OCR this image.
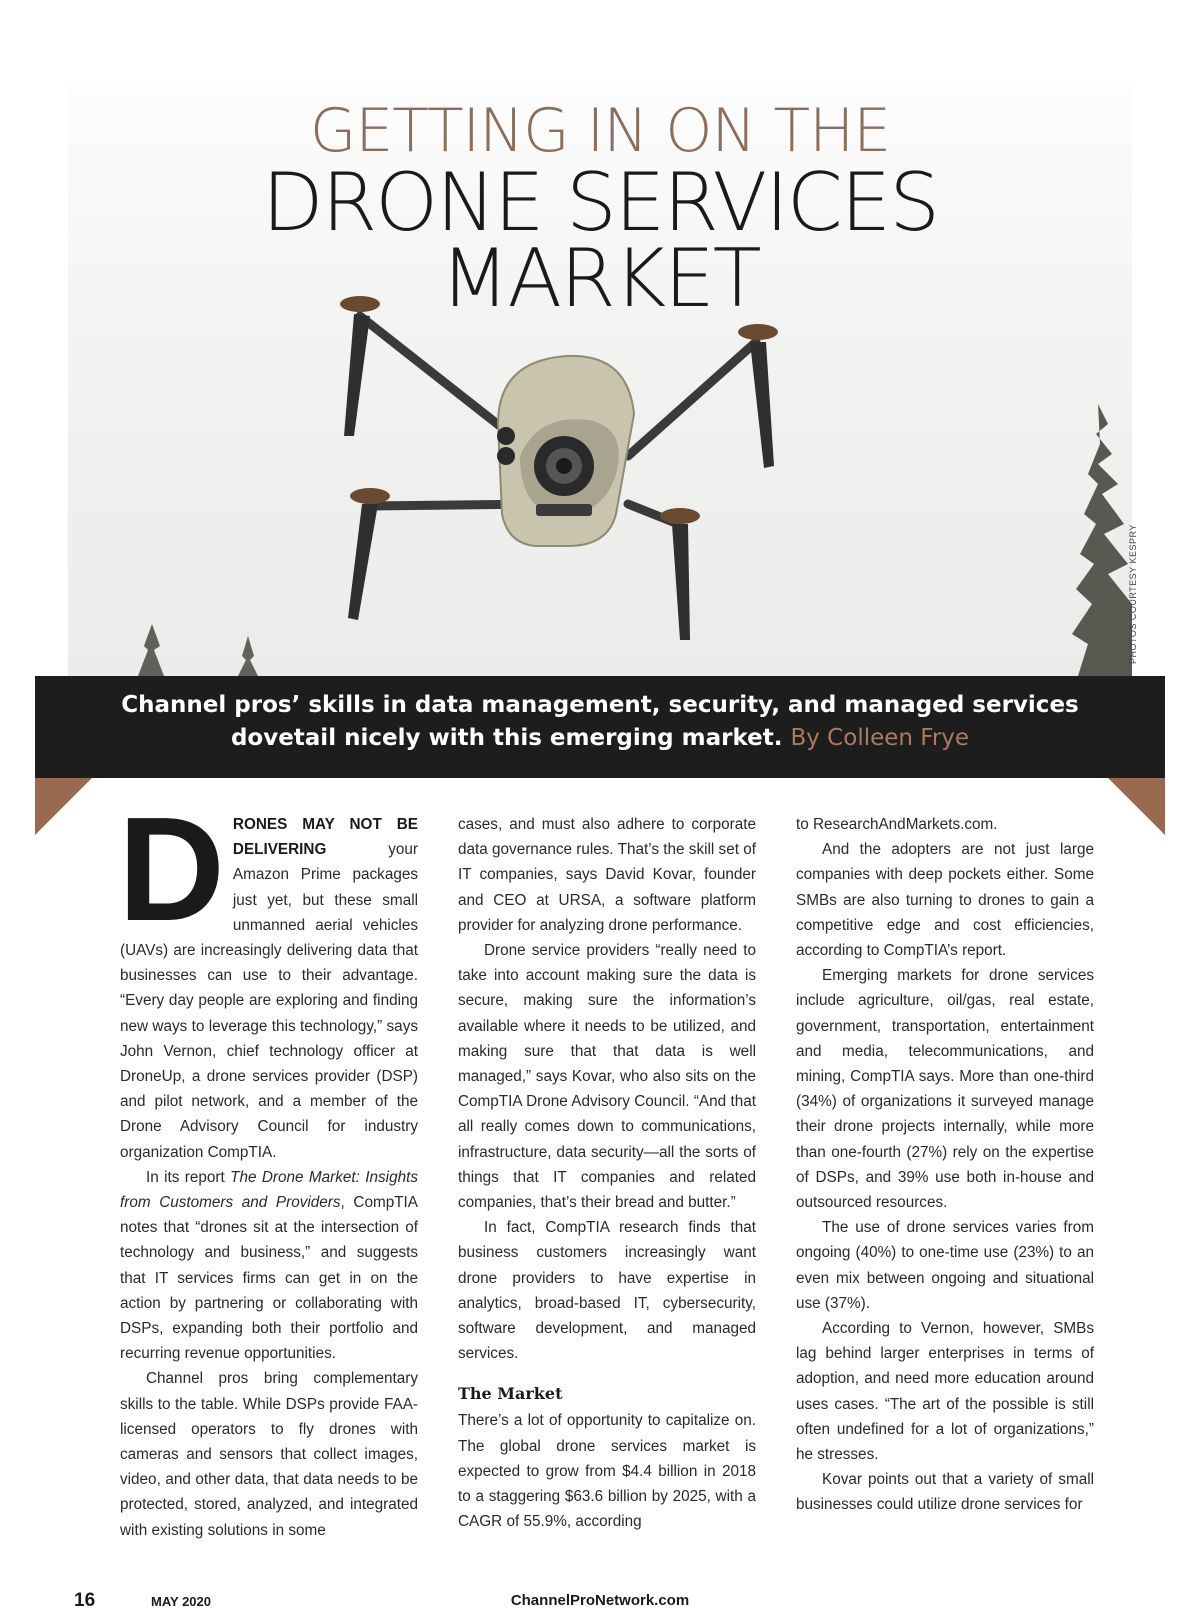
GETTING IN ON THE
DRONE SERVICES
MARKET
PHOTOS COURTESY KESPRY
Channel pros’ skills in data management, security, and managed services
dovetail nicely with this emerging market. By Colleen Frye

DRONES MAY NOT BE DELIVERING your Amazon Prime packages just yet, but these small unmanned aerial vehicles (UAVs) are increasingly delivering data that businesses can use to their advantage. “Every day people are exploring and finding new ways to leverage this technology,” says John Vernon, chief technology officer at DroneUp, a drone services provider (DSP) and pilot network, and a member of the Drone Advisory Council for industry organization CompTIA.

In its report The Drone Market: Insights from Customers and Providers, CompTIA notes that “drones sit at the intersection of technology and business,” and suggests that IT services firms can get in on the action by partnering or collaborating with DSPs, expanding both their portfolio and recurring revenue opportunities.

Channel pros bring complementary skills to the table. While DSPs provide FAA-licensed operators to fly drones with cameras and sensors that collect images, video, and other data, that data needs to be protected, stored, analyzed, and integrated with existing solutions in some

cases, and must also adhere to corporate data governance rules. That’s the skill set of IT companies, says David Kovar, founder and CEO at URSA, a software platform provider for analyzing drone performance.

Drone service providers “really need to take into account making sure the data is secure, making sure the information’s available where it needs to be utilized, and making sure that that data is well managed,” says Kovar, who also sits on the CompTIA Drone Advisory Council. “And that all really comes down to communications, infrastructure, data security—all the sorts of things that IT companies and related companies, that’s their bread and butter.”

In fact, CompTIA research finds that business customers increasingly want drone providers to have expertise in analytics, broad-based IT, cybersecurity, software development, and managed services.

The Market

There’s a lot of opportunity to capitalize on. The global drone services market is expected to grow from $4.4 billion in 2018 to a staggering $63.6 billion by 2025, with a CAGR of 55.9%, according

to ResearchAndMarkets.com.

And the adopters are not just large companies with deep pockets either. Some SMBs are also turning to drones to gain a competitive edge and cost efficiencies, according to CompTIA’s report.

Emerging markets for drone services include agriculture, oil/gas, real estate, government, transportation, entertainment and media, telecommunications, and mining, CompTIA says. More than one-third (34%) of organizations it surveyed manage their drone projects internally, while more than one-fourth (27%) rely on the expertise of DSPs, and 39% use both in-house and outsourced resources.

The use of drone services varies from ongoing (40%) to one-time use (23%) to an even mix between ongoing and situational use (37%).

According to Vernon, however, SMBs lag behind larger enterprises in terms of adoption, and need more education around uses cases. “The art of the possible is still often undefined for a lot of organizations,” he stresses.

Kovar points out that a variety of small businesses could utilize drone services for

16	MAY 2020	ChannelProNetwork.com
